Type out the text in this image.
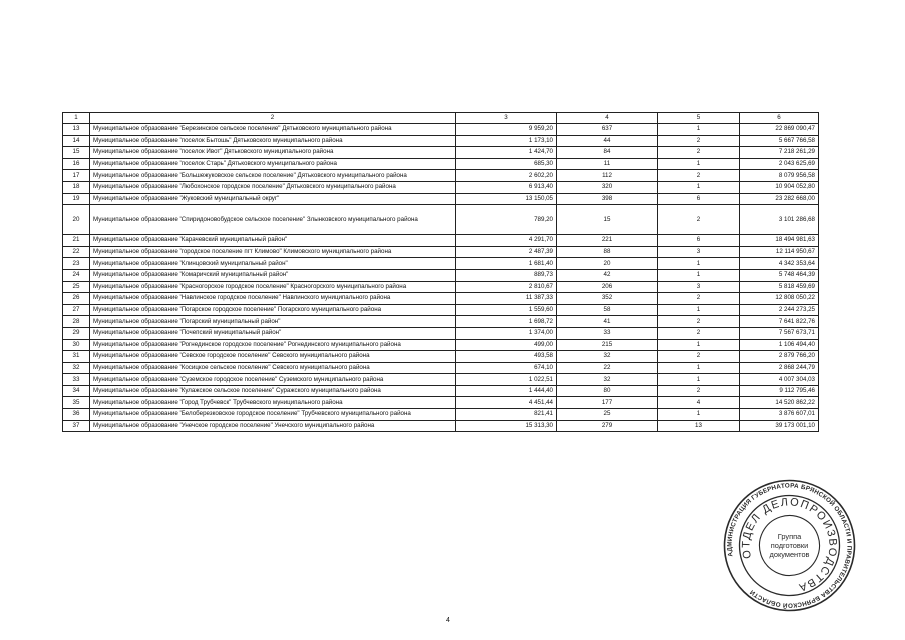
1	2	3	4	5	6
13	Муниципальное образование "Березинское сельское поселение" Дятьковского муниципального района	9 959,20	637	1	22 869 090,47
14	Муниципальное образование "поселок Бытошь" Дятьковского муниципального района	1 173,10	44	2	5 667 766,58
15	Муниципальное образование "поселок Ивот" Дятьковского муниципального района	1 424,70	84	2	7 218 261,29
16	Муниципальное образование "поселок Старь" Дятьковского муниципального района	685,30	11	1	2 043 625,69
17	Муниципальное образование "Большежуковское сельское поселение" Дятьковского муниципального района	2 602,20	112	2	8 079 956,58
18	Муниципальное образование "Любохонское городское поселение" Дятьковского муниципального района	6 913,40	320	1	10 904 052,80
19	Муниципальное образование "Жуковский муниципальный округ"	13 150,05	398	6	23 282 668,00
20	Муниципальное образование "Спиридоновобудское сельское поселение" Злынковского муниципального района	789,20	15	2	3 101 286,68
21	Муниципальное образование "Карачевский муниципальный район"	4 291,70	221	6	18 494 981,63
22	Муниципальное образование "городское поселение пгт Климово" Климовского муниципального района	2 487,39	88	3	12 114 950,67
23	Муниципальное образование "Клинцовский муниципальный район"	1 681,40	20	1	4 342 353,64
24	Муниципальное образование "Комаричский муниципальный район"	889,73	42	1	5 748 464,39
25	Муниципальное образование "Красногорское городское поселение" Красногорского муниципального района	2 810,67	206	3	5 818 459,69
26	Муниципальное образование "Навлинское городское поселение" Навлинского муниципального района	11 387,33	352	2	12 808 050,22
27	Муниципальное образование "Погарское городское поселение" Погарского муниципального района	1 559,60	58	1	2 244 273,25
28	Муниципальное образование "Погарский муниципальный район"	1 698,72	41	2	7 641 822,76
29	Муниципальное образование "Почепский муниципальный район"	1 374,00	33	2	7 567 673,71
30	Муниципальное образование "Рогнединское городское поселение" Рогнединского муниципального района	499,00	215	1	1 106 494,40
31	Муниципальное образование "Севское городское поселение" Севского муниципального района	493,58	32	2	2 879 766,20
32	Муниципальное образование "Косицкое сельское поселение" Севского муниципального района	674,10	22	1	2 868 244,79
33	Муниципальное образование "Суземское городское поселение" Суземского муниципального района	1 022,51	32	1	4 007 304,03
34	Муниципальное образование "Кулажское сельское поселение" Суражского муниципального района	1 444,40	80	2	9 112 795,46
35	Муниципальное образование "Город Трубчевск" Трубчевского муниципального района	4 451,44	177	4	14 520 862,22
36	Муниципальное образование "Белоберезковское городское поселение" Трубчевского муниципального района	821,41	25	1	3 876 607,01
37	Муниципальное образование "Унечское городское поселение" Унечского муниципального района	15 313,30	279	13	39 173 001,10
АДМИНИСТРАЦИЯ ГУБЕРНАТОРА БРЯНСКОЙ ОБЛАСТИ И ПРАВИТЕЛЬСТВА БРЯНСКОЙ ОБЛАСТИ
ОТДЕЛ ДЕЛОПРОИЗВОДСТВА
Группа
подготовки
документов
4
